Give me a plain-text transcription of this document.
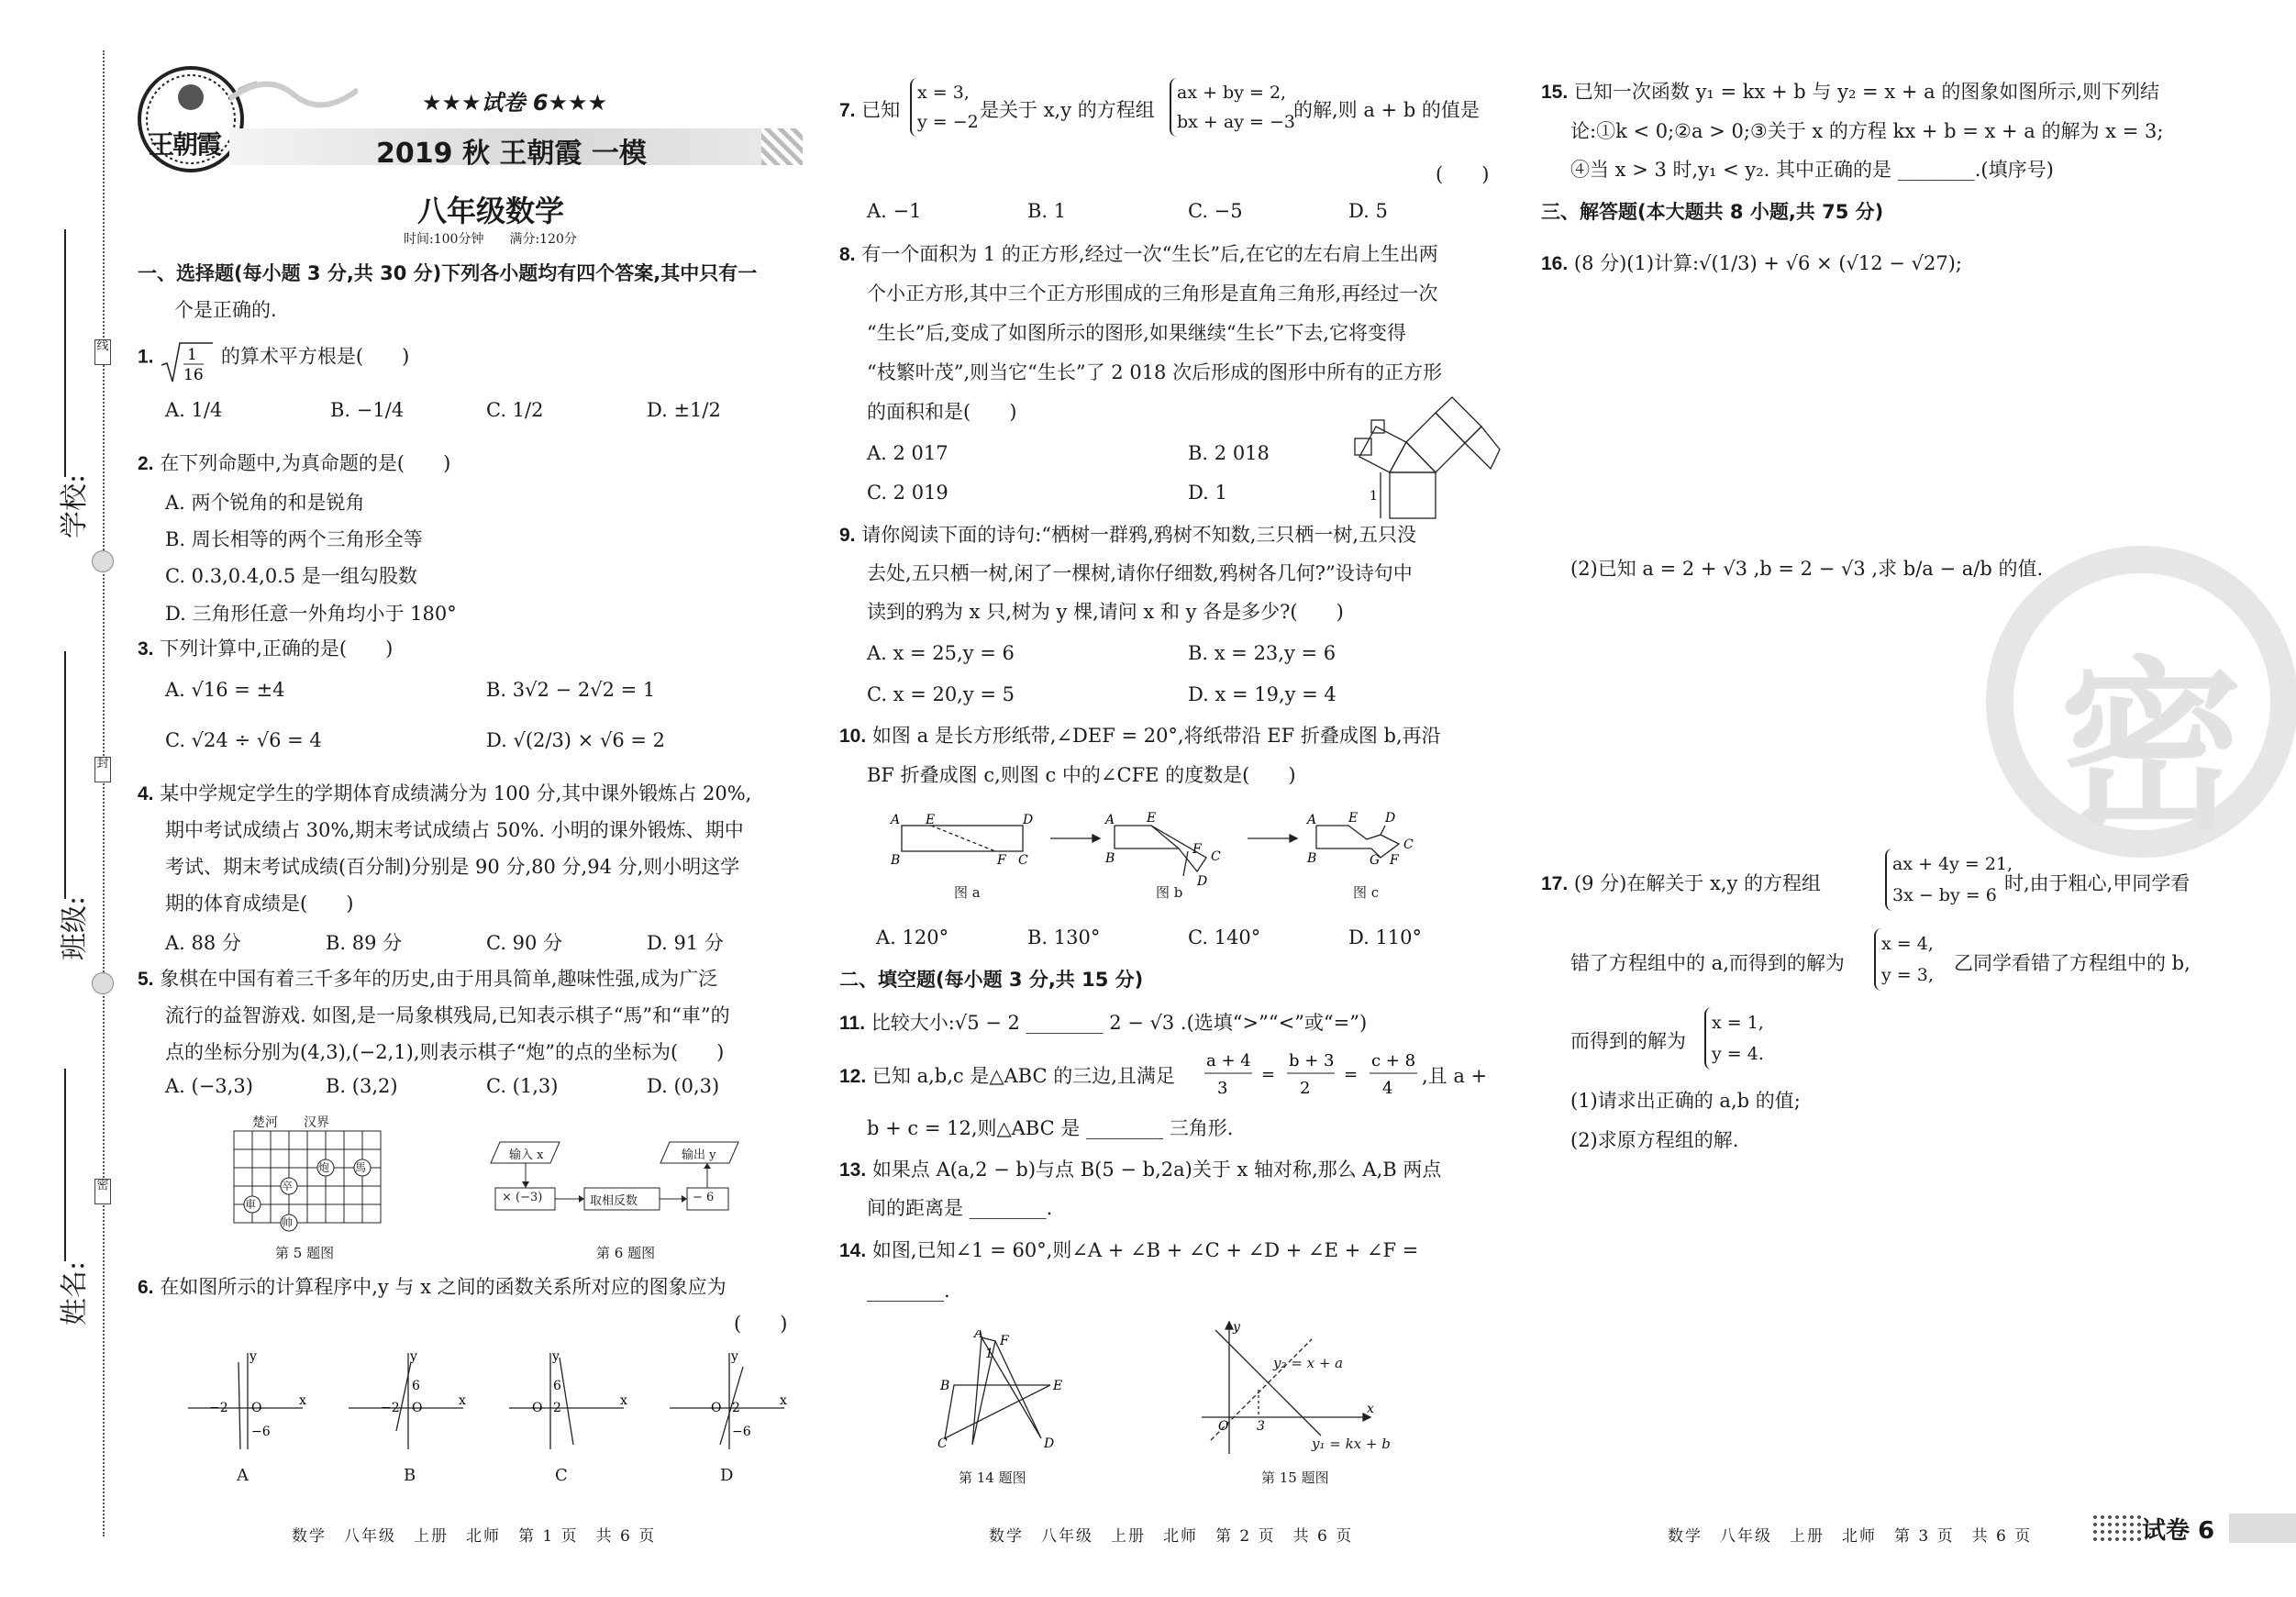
线
封
密
学校:
班级:
姓名:
王朝霞
★★★试卷 6★★★
2019 秋 王朝霞 一模
八年级数学
时间:100分钟　　满分:120分
一、选择题(每小题 3 分,共 30 分)下列各小题均有四个答案,其中只有一
个是正确的.
1. 1
16
的算术平方根是(　　)
A. 1/4	B. −1/4	C. 1/2	D. ±1/2
2. 在下列命题中,为真命题的是(　　)
A. 两个锐角的和是锐角
B. 周长相等的两个三角形全等
C. 0.3,0.4,0.5 是一组勾股数
D. 三角形任意一外角均小于 180°
3. 下列计算中,正确的是(　　)
A. √16 = ±4	B. 3√2 − 2√2 = 1
C. √24 ÷ √6 = 4	D. √(2/3) × √6 = 2
4. 某中学规定学生的学期体育成绩满分为 100 分,其中课外锻炼占 20%,
期中考试成绩占 30%,期末考试成绩占 50%. 小明的课外锻炼、期中
考试、期末考试成绩(百分制)分别是 90 分,80 分,94 分,则小明这学
期的体育成绩是(　　)
A. 88 分	B. 89 分	C. 90 分	D. 91 分
5. 象棋在中国有着三千多年的历史,由于用具简单,趣味性强,成为广泛
流行的益智游戏. 如图,是一局象棋残局,已知表示棋子“馬”和“車”的
点的坐标分别为(4,3),(−2,1),则表示棋子“炮”的点的坐标为(　　)
A. (−3,3)	B. (3,2)	C. (1,3)	D. (0,3)
楚河　　汉界
炮 馬
車
卒
帅
第 5 题图
输入 x	输出 y
× (−3)	取相反数	− 6
第 6 题图
6. 在如图所示的计算程序中,y 与 x 之间的函数关系所对应的图象应为
(　　)
−2 O
−6
y
x	−2 O
6
y
x	O 2
6
y
x	O 2
−6
y
x
A	B	C	D
数学　八年级　上册　北师　第 1 页　共 6 页
7. 已知
x = 3,
y = −2
是关于 x,y 的方程组
ax + by = 2,
bx + ay = −3
的解,则 a + b 的值是
(　　)
A. −1	B. 1	C. −5	D. 5
8. 有一个面积为 1 的正方形,经过一次“生长”后,在它的左右肩上生出两
个小正方形,其中三个正方形围成的三角形是直角三角形,再经过一次
“生长”后,变成了如图所示的图形,如果继续“生长”下去,它将变得
“枝繁叶茂”,则当它“生长”了 2 018 次后形成的图形中所有的正方形
的面积和是(　　)
A. 2 017	B. 2 018
C. 2 019	D. 1	1
9. 请你阅读下面的诗句:“栖树一群鸦,鸦树不知数,三只栖一树,五只没
去处,五只栖一树,闲了一棵树,请你仔细数,鸦树各几何?”设诗句中
读到的鸦为 x 只,树为 y 棵,请问 x 和 y 各是多少?(　　)
A. x = 25,y = 6	B. x = 23,y = 6
C. x = 20,y = 5	D. x = 19,y = 4
10. 如图 a 是长方形纸带,∠DEF = 20°,将纸带沿 EF 折叠成图 b,再沿
BF 折叠成图 c,则图 c 中的∠CFE 的度数是(　　)
A E	D
B	F C
A E
B	C
F
D
A E
B	G
C
D
F
图 a	图 b	图 c
A. 120°	B. 130°	C. 140°	D. 110°
二、填空题(每小题 3 分,共 15 分)
11. 比较大小:√5 − 2 ________ 2 − √3 .(选填“>”“<”或“=”)
12. 已知 a,b,c 是△ABC 的三边,且满足
a + 4
3
=
b + 3
2
=
c + 8
4
,且 a +
b + c = 12,则△ABC 是 ________ 三角形.
13. 如果点 A(a,2 − b)与点 B(5 − b,2a)关于 x 轴对称,那么 A,B 两点
间的距离是 ________.
14. 如图,已知∠1 = 60°,则∠A + ∠B + ∠C + ∠D + ∠E + ∠F =
________.
A F
B	E
C	D
1
第 14 题图
O 3
y
x
y₂ = x + a
y₁ = kx + b
第 15 题图
数学　八年级　上册　北师　第 2 页　共 6 页
15. 已知一次函数 y₁ = kx + b 与 y₂ = x + a 的图象如图所示,则下列结
论:①k < 0;②a > 0;③关于 x 的方程 kx + b = x + a 的解为 x = 3;
④当 x > 3 时,y₁ < y₂. 其中正确的是 ________.(填序号)
三、解答题(本大题共 8 小题,共 75 分)
16. (8 分)(1)计算:√(1/3) + √6 × (√12 − √27);
(2)已知 a = 2 + √3 ,b = 2 − √3 ,求 b/a − a/b 的值.
密
17. (9 分)在解关于 x,y 的方程组
ax + 4y = 21,
3x − by = 6
时,由于粗心,甲同学看
错了方程组中的 a,而得到的解为
x = 4,
y = 3,
乙同学看错了方程组中的 b,
而得到的解为
x = 1,
y = 4.
(1)请求出正确的 a,b 的值;
(2)求原方程组的解.
数学　八年级　上册　北师　第 3 页　共 6 页	试卷 6
